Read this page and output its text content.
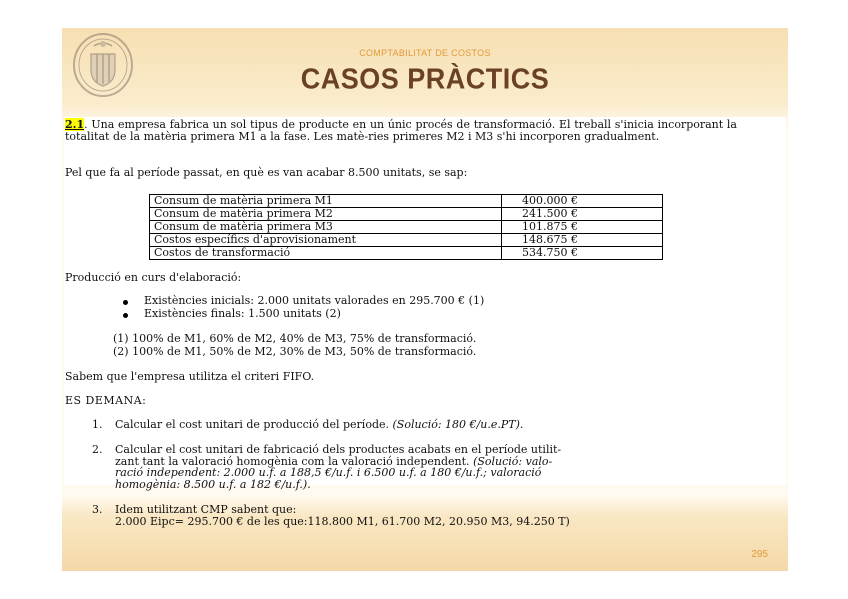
COMPTABILITAT DE COSTOS
CASOS PRÀCTICS
2.1. Una empresa fabrica un sol tipus de producte en un únic procés de transformació. El treball s'inicia incorporant la totalitat de la matèria primera M1 a la fase. Les matè-ries primeres M2 i M3 s'hi incorporen gradualment.
Pel que fa al període passat, en què es van acabar 8.500 unitats, se sap:
Consum de matèria primera M1	400.000 €
Consum de matèria primera M2	241.500 €
Consum de matèria primera M3	101.875 €
Costos específics d'aprovisionament	148.675 €
Costos de transformació	534.750 €
Producció en curs d'elaboració:
Existències inicials: 2.000 unitats valorades en 295.700 € (1)
Existències finals: 1.500 unitats (2)
(1) 100% de M1, 60% de M2, 40% de M3, 75% de transformació.
(2) 100% de M1, 50% de M2, 30% de M3, 50% de transformació.
Sabem que l'empresa utilitza el criteri FIFO.
ES DEMANA:
1. Calcular el cost unitari de producció del període. (Solució: 180 €/u.e.PT).
2. Calcular el cost unitari de fabricació dels productes acabats en el període utilit-
zant tant la valoració homogènia com la valoració independent. (Solució: valo-
ració independent: 2.000 u.f. a 188,5 €/u.f. i 6.500 u.f. a 180 €/u.f.; valoració
homogènia: 8.500 u.f. a 182 €/u.f.).
3. Idem utilitzant CMP sabent que:
2.000 Eipc= 295.700 € de les que:118.800 M1, 61.700 M2, 20.950 M3, 94.250 T)
295
